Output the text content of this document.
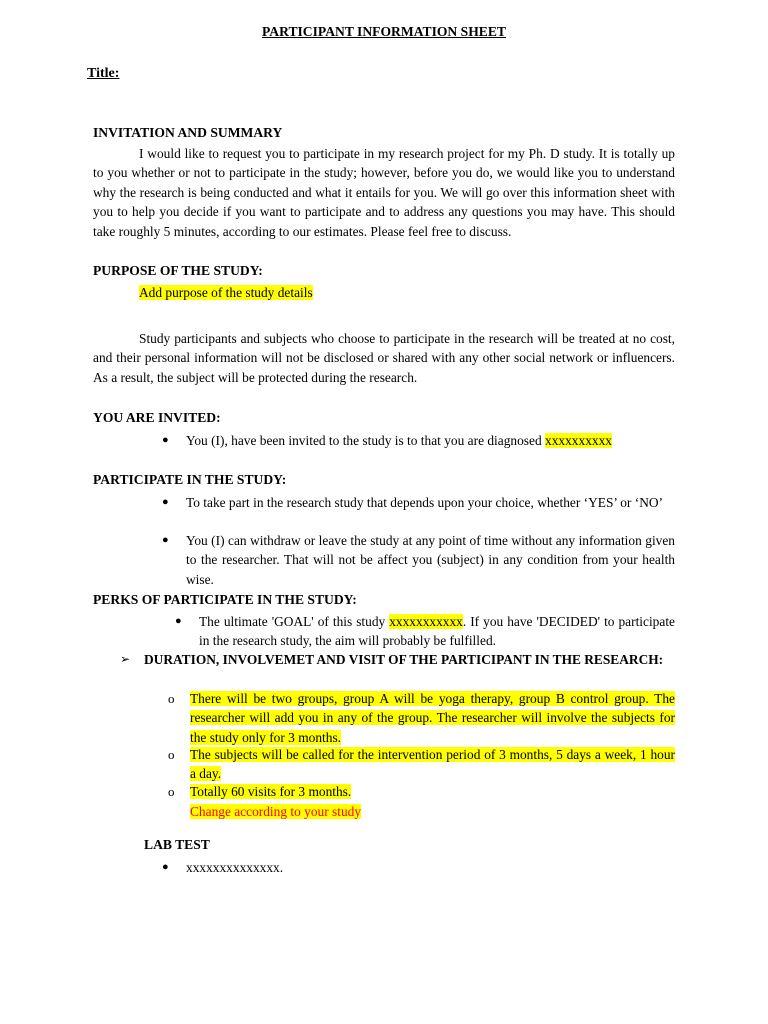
PARTICIPANT INFORMATION SHEET
Title:
INVITATION AND SUMMARY

I would like to request you to participate in my research project for my Ph. D study. It is totally up to you whether or not to participate in the study; however, before you do, we would like you to understand why the research is being conducted and what it entails for you. We will go over this information sheet with you to help you decide if you want to participate and to address any questions you may have. This should take roughly 5 minutes, according to our estimates. Please feel free to discuss.

PURPOSE OF THE STUDY:
Add purpose of the study details

Study participants and subjects who choose to participate in the research will be treated at no cost, and their personal information will not be disclosed or shared with any other social network or influencers. As a result, the subject will be protected during the research.

YOU ARE INVITED:
● You (I), have been invited to the study is to that you are diagnosed xxxxxxxxxx
PARTICIPATE IN THE STUDY:
● To take part in the research study that depends upon your choice, whether ‘YES’ or ‘NO’
● You (I) can withdraw or leave the study at any point of time without any information given to the researcher. That will not be affect you (subject) in any condition from your health wise.
PERKS OF PARTICIPATE IN THE STUDY:
● The ultimate 'GOAL' of this study xxxxxxxxxxx. If you have 'DECIDED' to participate in the research study, the aim will probably be fulfilled.
➢ DURATION, INVOLVEMET AND VISIT OF THE PARTICIPANT IN THE RESEARCH:
o There will be two groups, group A will be yoga therapy, group B control group. The researcher will add you in any of the group. The researcher will involve the subjects for the study only for 3 months.
o The subjects will be called for the intervention period of 3 months, 5 days a week, 1 hour a day.
o Totally 60 visits for 3 months.
Change according to your study
LAB TEST
● xxxxxxxxxxxxxx.
